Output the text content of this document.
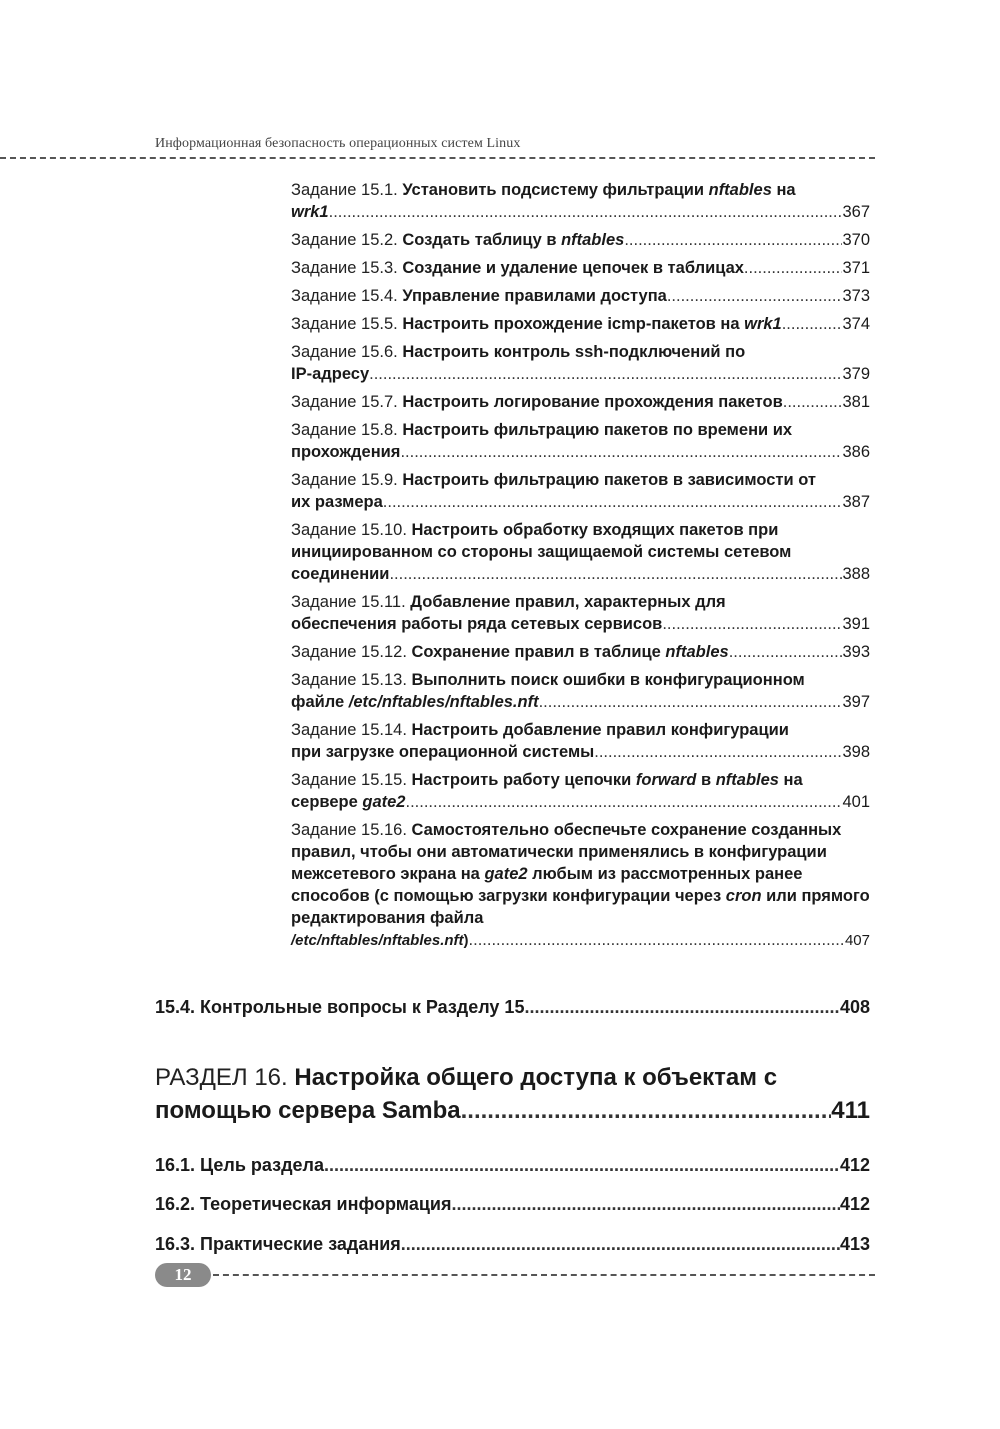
Информационная безопасность операционных систем Linux
Задание 15.1. Установить подсистему фильтрации nftables на
wrk1 .....	367
Задание 15.2. Создать таблицу в nftables .....	370
Задание 15.3. Создание и удаление цепочек в таблицах .....	371
Задание 15.4. Управление правилами доступа .....	373
Задание 15.5. Настроить прохождение icmp-пакетов на wrk1 .....	374
Задание 15.6. Настроить контроль ssh-подключений по
IP-адресу .....	379
Задание 15.7. Настроить логирование прохождения пакетов .....	381
Задание 15.8. Настроить фильтрацию пакетов по времени их
прохождения .....	386
Задание 15.9. Настроить фильтрацию пакетов в зависимости от
их размера .....	387
Задание 15.10. Настроить обработку входящих пакетов при инициированном со стороны защищаемой системы сетевом
соединении .....	388
Задание 15.11. Добавление правил, характерных для
обеспечения работы ряда сетевых сервисов .....	391
Задание 15.12. Сохранение правил в таблице nftables .....	393
Задание 15.13. Выполнить поиск ошибки в конфигурационном
файле /etc/nftables/nftables.nft .....	397
Задание 15.14. Настроить добавление правил конфигурации
при загрузке операционной системы .....	398
Задание 15.15. Настроить работу цепочки forward в nftables на
сервере gate2 .....	401
Задание 15.16. Самостоятельно обеспечьте сохранение созданных правил, чтобы они автоматически применялись в конфигурации межсетевого экрана на gate2 любым из рассмотренных ранее способов (с помощью загрузки конфигурации через cron или прямого редактирования файла
/etc/nftables/nftables.nft) .....	407
15.4. Контрольные вопросы к Разделу 15 .....	408
РАЗДЕЛ 16. Настройка общего доступа к объектам с
помощью сервера Samba .....	411
16.1. Цель раздела .....	412
16.2. Теоретическая информация .....	412
16.3. Практические задания .....	413
12
